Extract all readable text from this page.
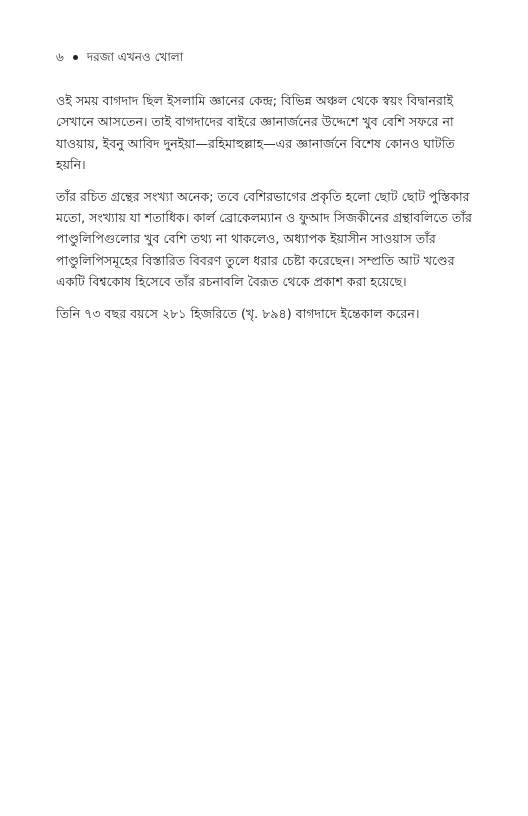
৬ দরজা এখনও খোলা

ওই সময় বাগদাদ ছিল ইসলামি জ্ঞানের কেন্দ্র; বিভিন্ন অঞ্চল থেকে স্বয়ং বিদ্বানরাই সেখানে আসতেন। তাই বাগদাদের বাইরে জ্ঞানার্জনের উদ্দেশে খুব বেশি সফরে না যাওয়ায়, ইবনু আবিদ দুনইয়া—রহিমাহুল্লাহ—এর জ্ঞানার্জনে বিশেষ কোনও ঘাটতি হয়নি।

তাঁর রচিত গ্রন্থের সংখ্যা অনেক; তবে বেশিরভাগের প্রকৃতি হলো ছোট ছোট পুস্তিকার মতো, সংখ্যায় যা শতাধিক। কার্ল ব্রোকেলম্যান ও ফুআদ সিজকীনের গ্রন্থাবলিতে তাঁর পাণ্ডুলিপিগুলোর খুব বেশি তথ্য না থাকলেও, অধ্যাপক ইয়াসীন সাওয়াস তাঁর পাণ্ডুলিপিসমূহের বিস্তারিত বিবরণ তুলে ধরার চেষ্টা করেছেন। সম্প্রতি আট খণ্ডের একটি বিশ্বকোষ হিসেবে তাঁর রচনাবলি বৈরূত থেকে প্রকাশ করা হয়েছে।

তিনি ৭৩ বছর বয়সে ২৮১ হিজরিতে (খৃ. ৮৯৪) বাগদাদে ইন্তেকাল করেন।
